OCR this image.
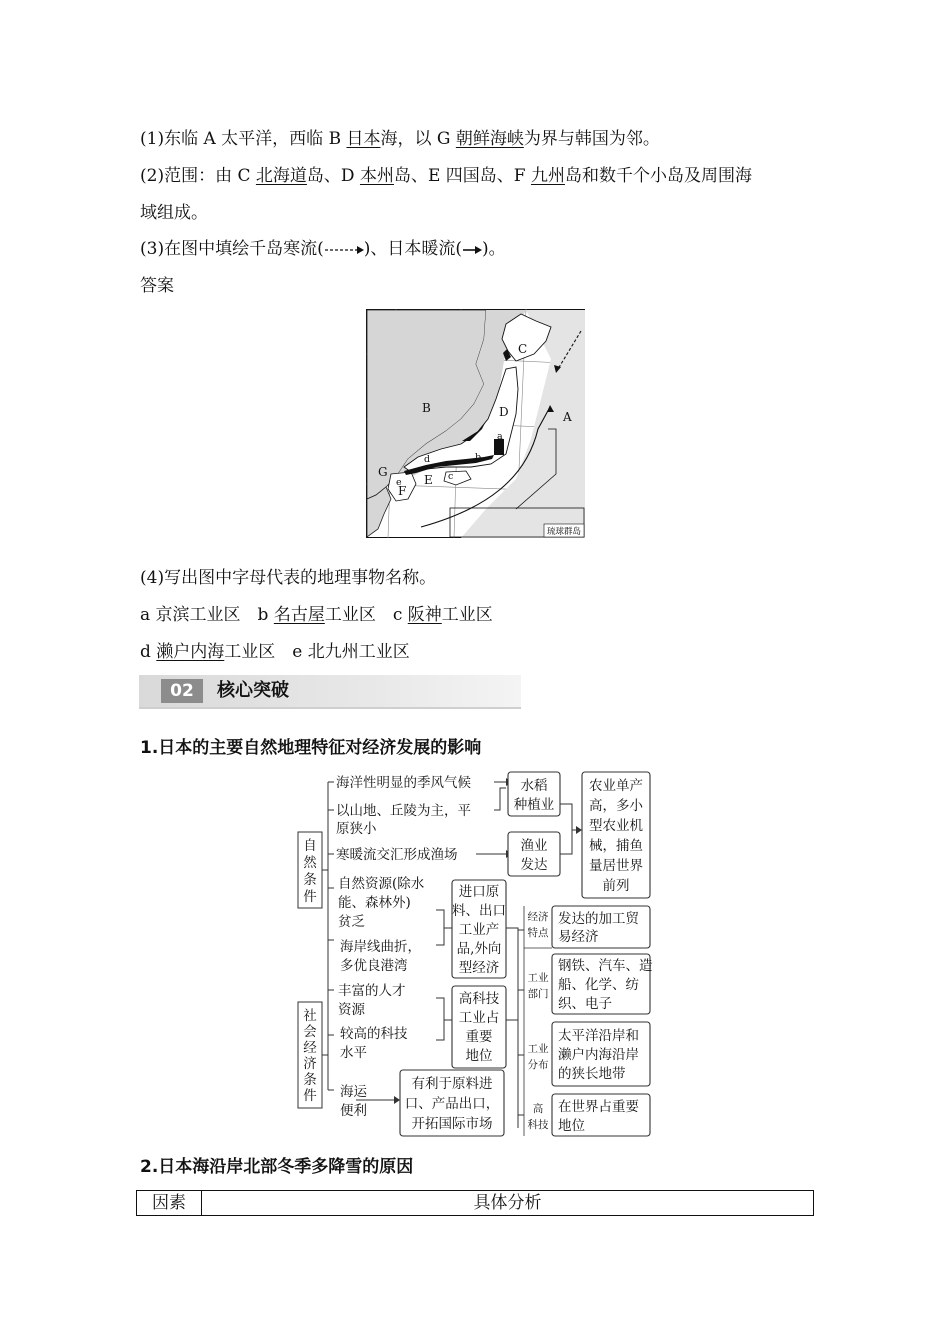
(1)东临 A 太平洋，西临 B 日本海，以 G 朝鲜海峡为界与韩国为邻。
(2)范围：由 C 北海道岛、D 本州岛、E 四国岛、F 九州岛和数千个小岛及周围海
域组成。
(3)在图中填绘千岛寒流( )、日本暖流( )。
答案
琉球群岛
C
A
B	D
E
F
G
a
b
c
d
e
(4)写出图中字母代表的地理事物名称。
a 京滨工业区　b 名古屋工业区　c 阪神工业区
d 濑户内海工业区　e 北九州工业区
02	核心突破
1.日本的主要自然地理特征对经济发展的影响
自然条件
社会经济条件
海洋性明显的季风气候
以山地、丘陵为主，平
原狭小
寒暖流交汇形成渔场
自然资源(除水
能、森林外)
贫乏
海岸线曲折，
多优良港湾
丰富的人才
资源
较高的科技
水平
海运
便利
水稻
种植业
渔业
发达
农业单产
高，多小
型农业机
械，捕鱼
量居世界
前列
进口原
料、出口
工业产
品,外向
型经济
高科技
工业占
重要
地位
有利于原料进
口、产品出口，
开拓国际市场
经济
特点
工业
部门
工业
分布
高
科技
发达的加工贸
易经济
钢铁、汽车、造
船、化学、纺
织、电子
太平洋沿岸和
濑户内海沿岸
的狭长地带
在世界占重要
地位
2.日本海沿岸北部冬季多降雪的原因
因素	具体分析
